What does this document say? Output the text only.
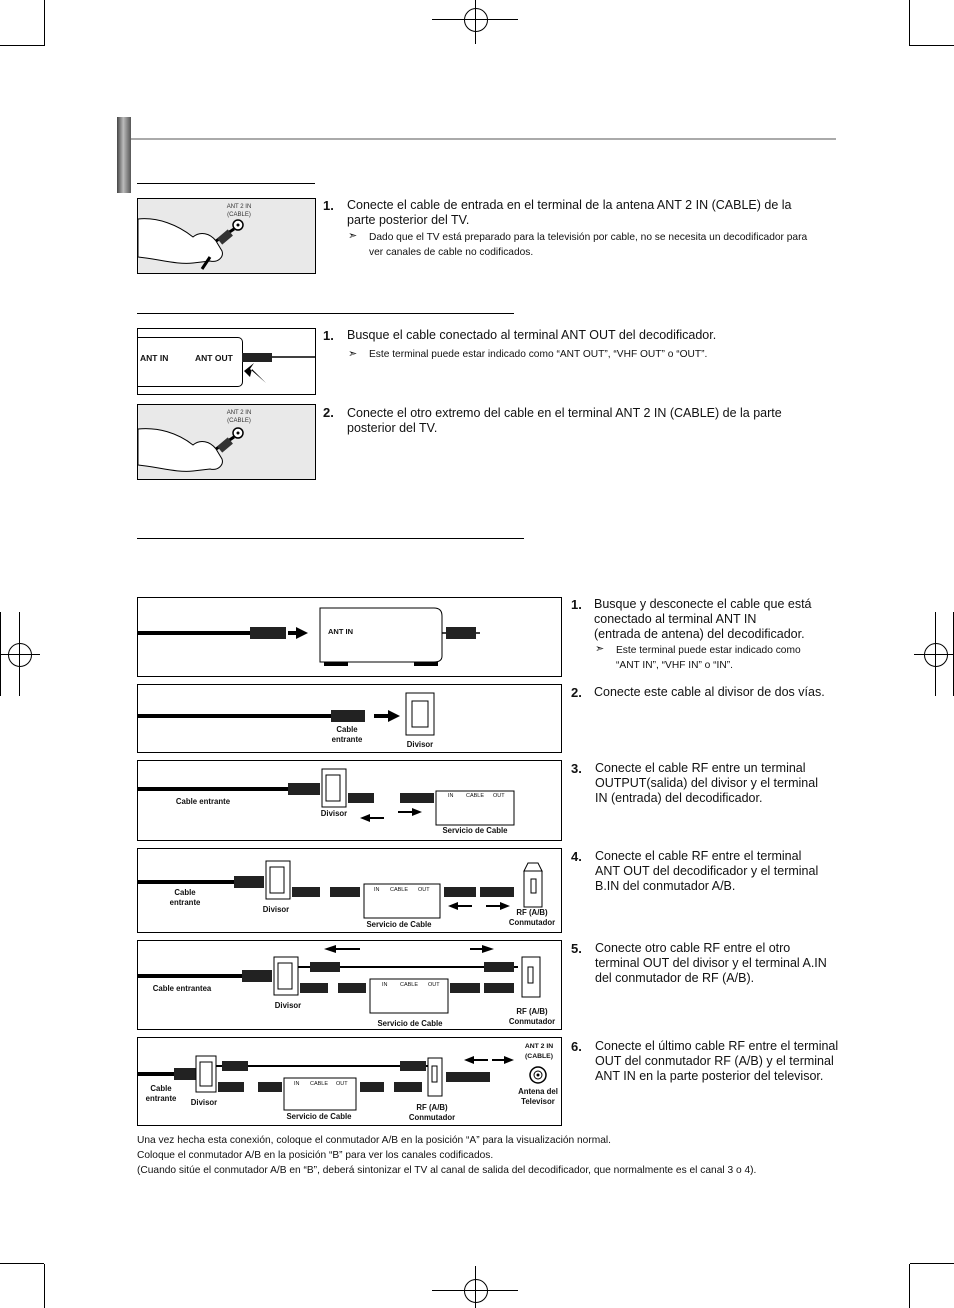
ANT 2 IN
(CABLE)
1. Conecte el cable de entrada en el terminal de la antena ANT 2 IN (CABLE) de la
parte posterior del TV.
➣ Dado que el TV está preparado para la televisión por cable, no se necesita un decodificador para
ver canales de cable no codificados.
ANT IN	ANT OUT
ANT 2 IN
(CABLE)
1. Busque el cable conectado al terminal ANT OUT del decodificador.
➣ Este terminal puede estar indicado como “ANT OUT”, “VHF OUT” o “OUT”.
2. Conecte el otro extremo del cable en el terminal ANT 2 IN (CABLE) de la parte
posterior del TV.
ANT IN
Cable
entrante
Divisor
IN CABLE OUT
Cable entrante
Divisor
Servicio de Cable
IN CABLE OUT
Cable
entrante
Divisor
Servicio de Cable
RF (A/B)
Conmutador
IN CABLE OUT
Cable entrantea
Divisor
Servicio de Cable
RF (A/B)
Conmutador
IN CABLE OUT
ANT 2 IN
(CABLE)
Cable
entrante	Divisor
Servicio de Cable
RF (A/B)
Conmutador
Antena del
Televisor
1. Busque y desconecte el cable que está
conectado al terminal ANT IN
(entrada de antena) del decodificador.
➣ Este terminal puede estar indicado como
“ANT IN”, “VHF IN” o “IN”.
2. Conecte este cable al divisor de dos vías.
3. Conecte el cable RF entre un terminal
OUTPUT(salida) del divisor y el terminal
IN (entrada) del decodificador.
4. Conecte el cable RF entre el terminal
ANT OUT del decodificador y el terminal
B.IN del conmutador A/B.
5. Conecte otro cable RF entre el otro
terminal OUT del divisor y el terminal A.IN
del conmutador de RF (A/B).
6. Conecte el último cable RF entre el terminal
OUT del conmutador RF (A/B) y el terminal
ANT IN en la parte posterior del televisor.
Una vez hecha esta conexión, coloque el conmutador A/B en la posición “A” para la visualización normal.
Coloque el conmutador A/B en la posición “B” para ver los canales codificados.
(Cuando sitúe el conmutador A/B en “B”, deberá sintonizar el TV al canal de salida del decodificador, que normalmente es el canal 3 o 4).
